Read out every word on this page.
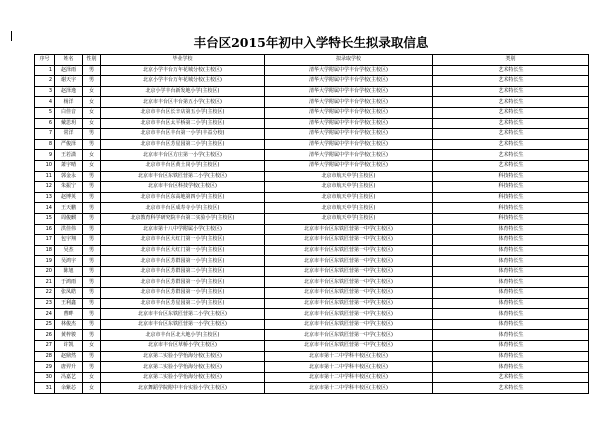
丰台区2015年初中入学特长生拟录取信息
序号	姓名	性别	毕业学校	拟录取学校	类别
1	赵泽雨	男	北京小学丰台万年花城分校(主校区)	清华大学附属中学丰台学校(主校区)	艺术特长生
2	谢天宇	男	北京小学丰台万年花城分校(主校区)	清华大学附属中学丰台学校(主校区)	艺术特长生
3	赵泽逸	女	北京小学丰台新发地小学(主校区)	清华大学附属中学丰台学校(主校区)	艺术特长生
4	杨洋	女	北京市丰台区丰台第五小学(主校区)	清华大学附属中学丰台学校(主校区)	艺术特长生
5	白佳音	女	北京市丰台区长辛店第五小学(主校区)	清华大学附属中学丰台学校(主校区)	艺术特长生
6	戴思玥	女	北京市丰台区太平桥第二小学(主校区)	清华大学附属中学丰台学校(主校区)	艺术特长生
7	常洋	男	北京市丰台区丰台第一小学(丰益分校)	清华大学附属中学丰台学校(主校区)	艺术特长生
8	严俊泽	男	北京市丰台区芳星园第二小学(主校区)	清华大学附属中学丰台学校(主校区)	艺术特长生
9	王若潇	女	北京市丰台区方庄第一小学(主校区)	清华大学附属中学丰台学校(主校区)	艺术特长生
10	萧宇晴	女	北京市丰台区黄土岗小学(主校区)	清华大学附属中学丰台学校(主校区)	艺术特长生
11	郭金永	男	北京市丰台区东铁匠营第二小学(主校区)	北京市航天中学(主校区)	科技特长生
12	朱振宁	男	北京市丰台区科技学校(主校区)	北京市航天中学(主校区)	科技特长生
13	赵博英	男	北京市丰台区东高地第四小学(主校区)	北京市航天中学(主校区)	科技特长生
14	王天鹏	男	北京市丰台区成寿寺小学(主校区)	北京市航天中学(主校区)	科技特长生
15	周俊麒	男	北京教育科学研究院丰台第二实验小学(主校区)	北京市航天中学(主校区)	科技特长生
16	洪佳伟	男	北京市第十八中学附属小学(主校区)	北京市丰台区东铁匠营第一中学(主校区)	体育特长生
17	包宇翔	男	北京市丰台区大红门第一小学(主校区)	北京市丰台区东铁匠营第一中学(主校区)	体育特长生
18	吴杰	男	北京市丰台区大红门第一小学(主校区)	北京市丰台区东铁匠营第一中学(主校区)	体育特长生
19	吴鸿宇	男	北京市丰台区芳群园第一小学(主校区)	北京市丰台区东铁匠营第一中学(主校区)	体育特长生
20	陈旭	男	北京市丰台区芳群园第二小学(主校区)	北京市丰台区东铁匠营第一中学(主校区)	体育特长生
21	于鸿雨	男	北京市丰台区芳群园第一小学(主校区)	北京市丰台区东铁匠营第一中学(主校区)	体育特长生
22	张凤皓	男	北京市丰台区芳群园第一小学(主校区)	北京市丰台区东铁匠营第一中学(主校区)	体育特长生
23	王利鑫	男	北京市丰台区芳星园第二小学(主校区)	北京市丰台区东铁匠营第一中学(主校区)	体育特长生
24	曹畔	男	北京市丰台区东铁匠营第二小学(主校区)	北京市丰台区东铁匠营第一中学(主校区)	体育特长生
25	林俊杰	男	北京市丰台区东铁匠营第一小学(主校区)	北京市丰台区东铁匠营第一中学(主校区)	体育特长生
26	黄梓骏	男	北京市丰台区北大地小学(主校区)	北京市丰台区东铁匠营第一中学(主校区)	体育特长生
27	许凯	女	北京市丰台区草桥小学(主校区)	北京市丰台区东铁匠营第一中学(主校区)	体育特长生
28	赵鼎然	男	北京第二实验小学怡海分校(主校区)	北京市第十二中学科丰校区(主校区)	体育特长生
29	唐羿升	男	北京第二实验小学怡海分校(主校区)	北京市第十二中学科丰校区(主校区)	体育特长生
30	冯嘉艺	女	北京第二实验小学怡海分校(主校区)	北京市第十二中学科丰校区(主校区)	艺术特长生
31	余紫芯	女	北京舞蹈学院附中丰台实验小学(主校区)	北京市第十二中学科丰校区(主校区)	艺术特长生
